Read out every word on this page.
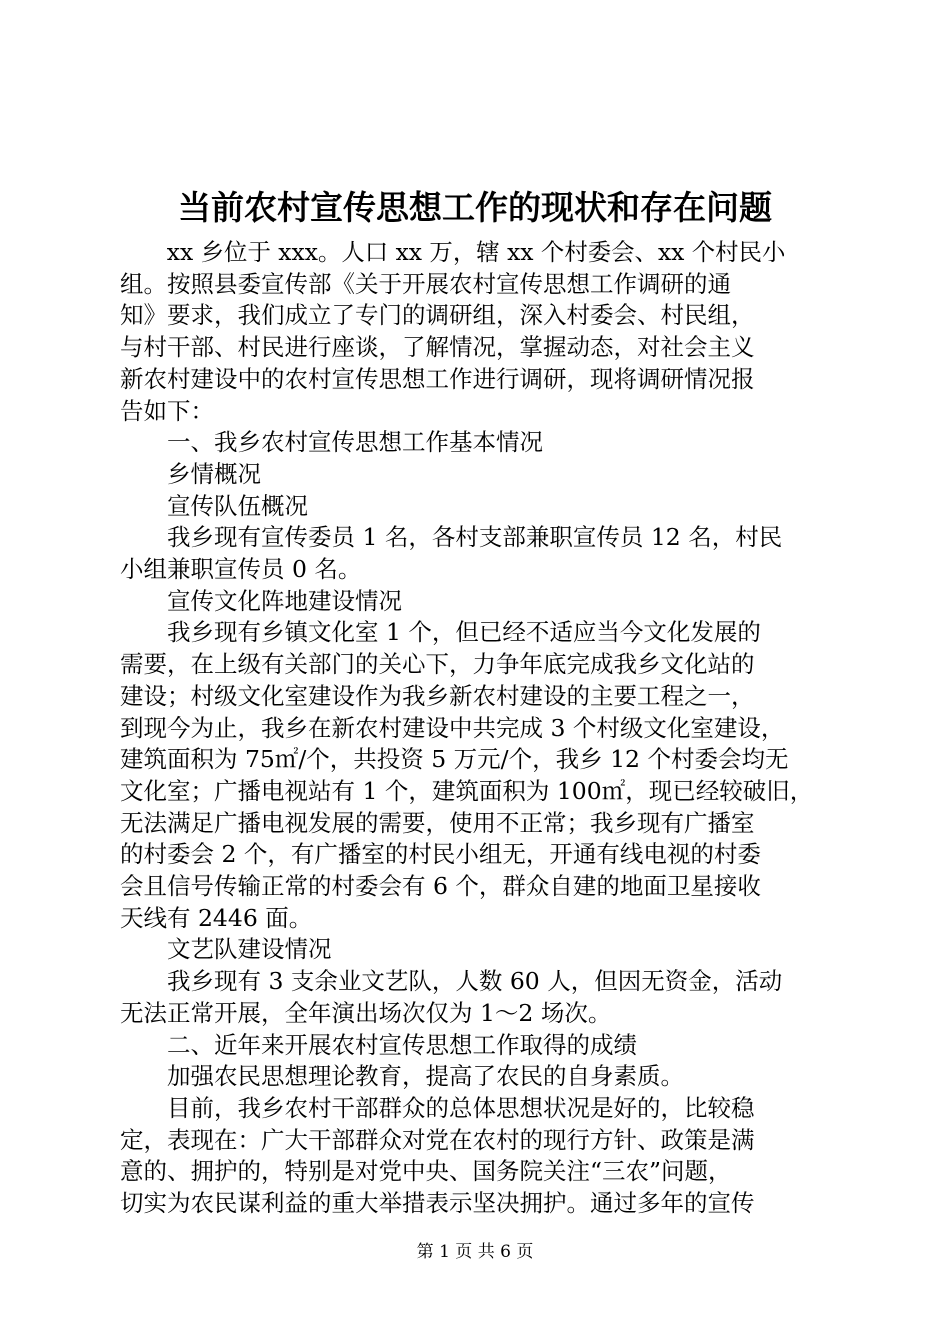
当前农村宣传思想工作的现状和存在问题

xx 乡位于 xxx。人口 xx 万，辖 xx 个村委会、xx 个村民小
组。按照县委宣传部《关于开展农村宣传思想工作调研的通
知》要求，我们成立了专门的调研组，深入村委会、村民组，
与村干部、村民进行座谈，了解情况，掌握动态，对社会主义
新农村建设中的农村宣传思想工作进行调研，现将调研情况报
告如下：

一、我乡农村宣传思想工作基本情况

乡情概况

宣传队伍概况

我乡现有宣传委员 1 名，各村支部兼职宣传员 12 名，村民
小组兼职宣传员 0 名。

宣传文化阵地建设情况

我乡现有乡镇文化室 1 个，但已经不适应当今文化发展的
需要，在上级有关部门的关心下，力争年底完成我乡文化站的
建设；村级文化室建设作为我乡新农村建设的主要工程之一，
到现今为止，我乡在新农村建设中共完成 3 个村级文化室建设，
建筑面积为 75㎡/个，共投资 5 万元/个，我乡 12 个村委会均无
文化室；广播电视站有 1 个，建筑面积为 100㎡，现已经较破旧，
无法满足广播电视发展的需要，使用不正常；我乡现有广播室
的村委会 2 个，有广播室的村民小组无，开通有线电视的村委
会且信号传输正常的村委会有 6 个，群众自建的地面卫星接收
天线有 2446 面。

文艺队建设情况

我乡现有 3 支余业文艺队，人数 60 人，但因无资金，活动
无法正常开展，全年演出场次仅为 1～2 场次。

二、近年来开展农村宣传思想工作取得的成绩

加强农民思想理论教育，提高了农民的自身素质。

目前，我乡农村干部群众的总体思想状况是好的，比较稳
定，表现在：广大干部群众对党在农村的现行方针、政策是满
意的、拥护的，特别是对党中央、国务院关注“三农”问题，
切实为农民谋利益的重大举措表示坚决拥护。通过多年的宣传

第 1 页 共 6 页
